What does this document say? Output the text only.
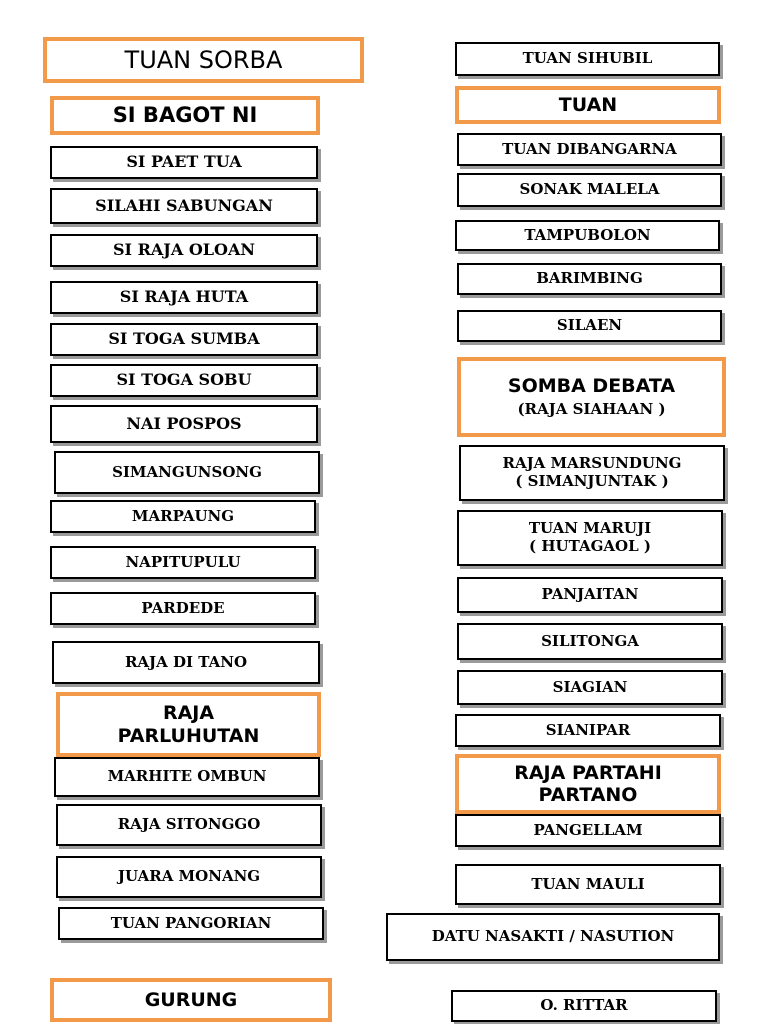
TUAN SORBA
SI BAGOT NI
SI PAET TUA
SILAHI SABUNGAN
SI RAJA OLOAN
SI RAJA HUTA
SI TOGA SUMBA
SI TOGA SOBU
NAI POSPOS
SIMANGUNSONG
MARPAUNG
NAPITUPULU
PARDEDE
RAJA DI TANO
RAJA
PARLUHUTAN
MARHITE OMBUN
RAJA SITONGGO
JUARA MONANG
TUAN PANGORIAN
GURUNG
TUAN SIHUBIL
TUAN
TUAN DIBANGARNA
SONAK MALELA
TAMPUBOLON
BARIMBING
SILAEN
SOMBA DEBATA
(RAJA SIAHAAN )
RAJA MARSUNDUNG
( SIMANJUNTAK )
TUAN MARUJI
( HUTAGAOL )
PANJAITAN
SILITONGA
SIAGIAN
SIANIPAR
RAJA PARTAHI
PARTANO
PANGELLAM
TUAN MAULI
DATU NASAKTI / NASUTION
O. RITTAR
